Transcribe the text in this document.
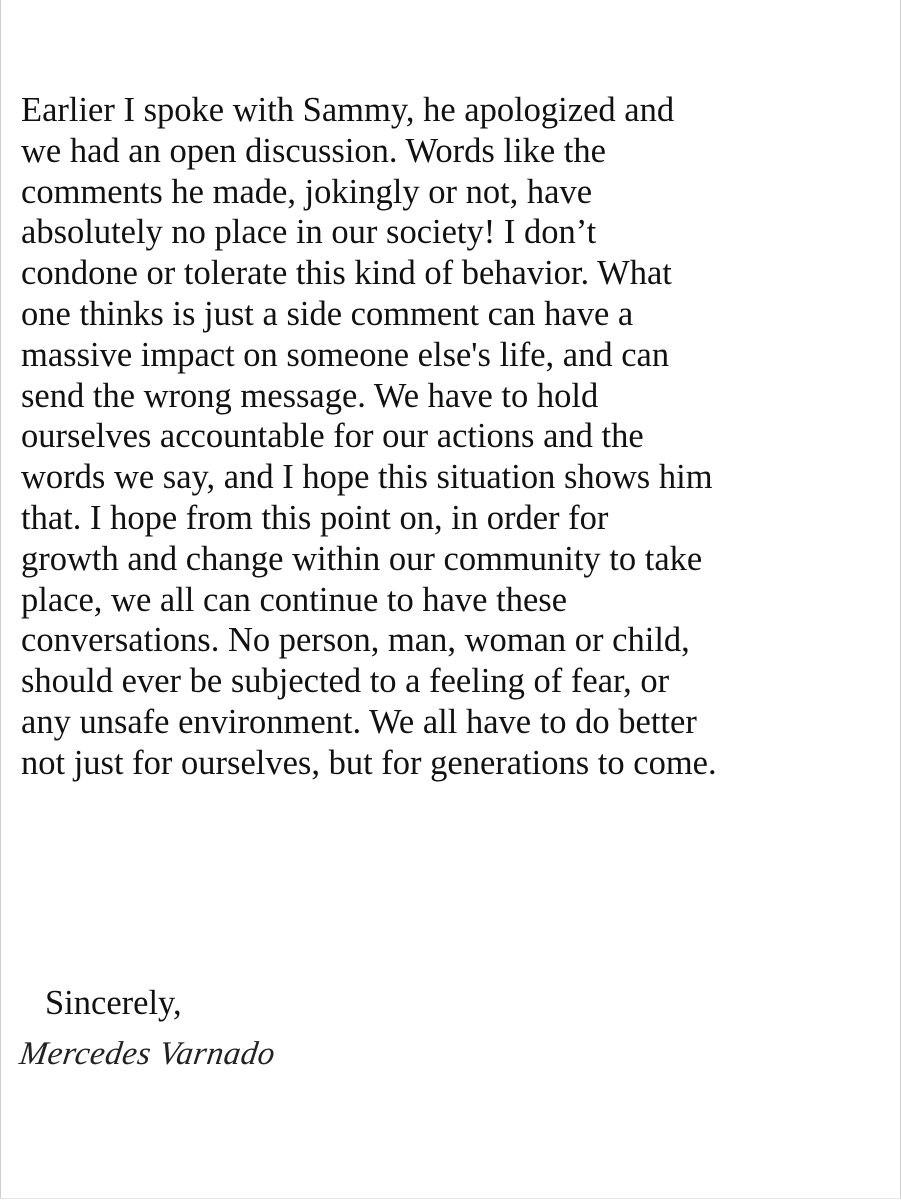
Earlier I spoke with Sammy, he apologized and
we had an open discussion. Words like the
comments he made, jokingly or not, have
absolutely no place in our society! I don’t
condone or tolerate this kind of behavior. What
one thinks is just a side comment can have a
massive impact on someone else's life, and can
send the wrong message. We have to hold
ourselves accountable for our actions and the
words we say, and I hope this situation shows him
that. I hope from this point on, in order for
growth and change within our community to take
place, we all can continue to have these
conversations. No person, man, woman or child,
should ever be subjected to a feeling of fear, or
any unsafe environment. We all have to do better
not just for ourselves, but for generations to come.
Sincerely,
Mercedes Varnado
